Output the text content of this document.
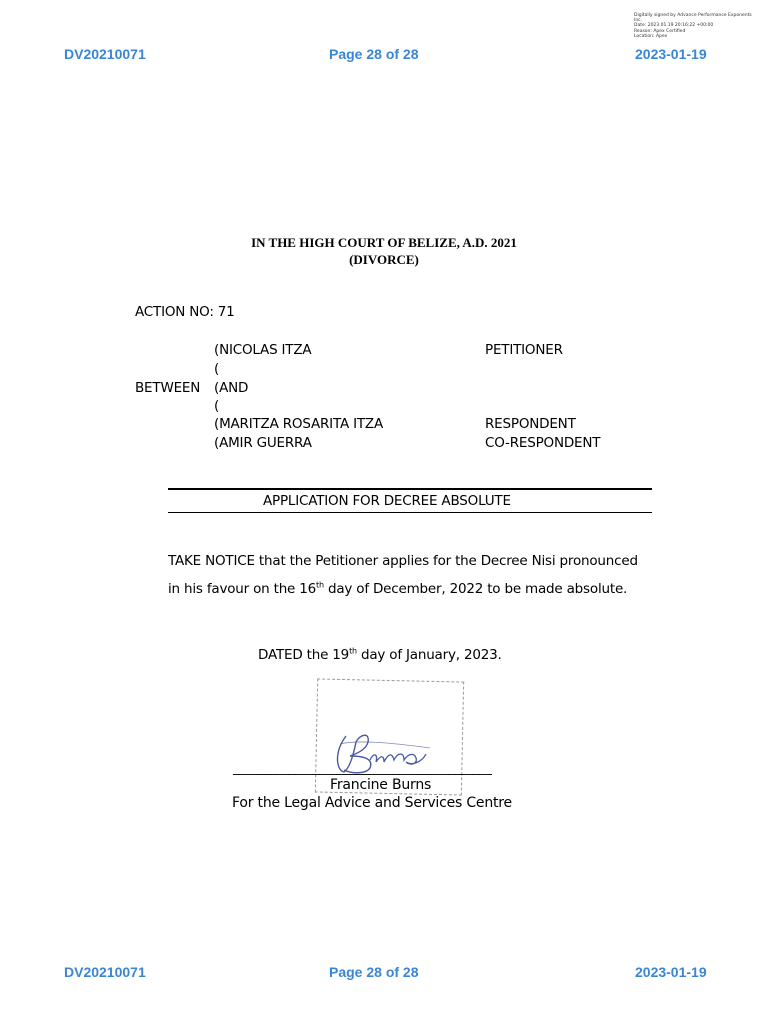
DV20210071	Page 28 of 28	2023-01-19
Digitally signed by Advance Performance Exponents
Inc.
Date: 2023.01.19 20:16:22 +00:00
Reason: Apex Certified
Location: Apex
IN THE HIGH COURT OF BELIZE, A.D. 2021
(DIVORCE)
ACTION NO: 71
BETWEEN
(NICOLAS ITZA	PETITIONER
(
(AND
(
(MARITZA ROSARITA ITZA	RESPONDENT
(AMIR GUERRA	CO-RESPONDENT
APPLICATION FOR DECREE ABSOLUTE
TAKE NOTICE that the Petitioner applies for the Decree Nisi pronounced
in his favour on the 16th day of December, 2022 to be made absolute.
DATED the 19th day of January, 2023.
__________________________________________
Francine Burns
For the Legal Advice and Services Centre
DV20210071	Page 28 of 28	2023-01-19
